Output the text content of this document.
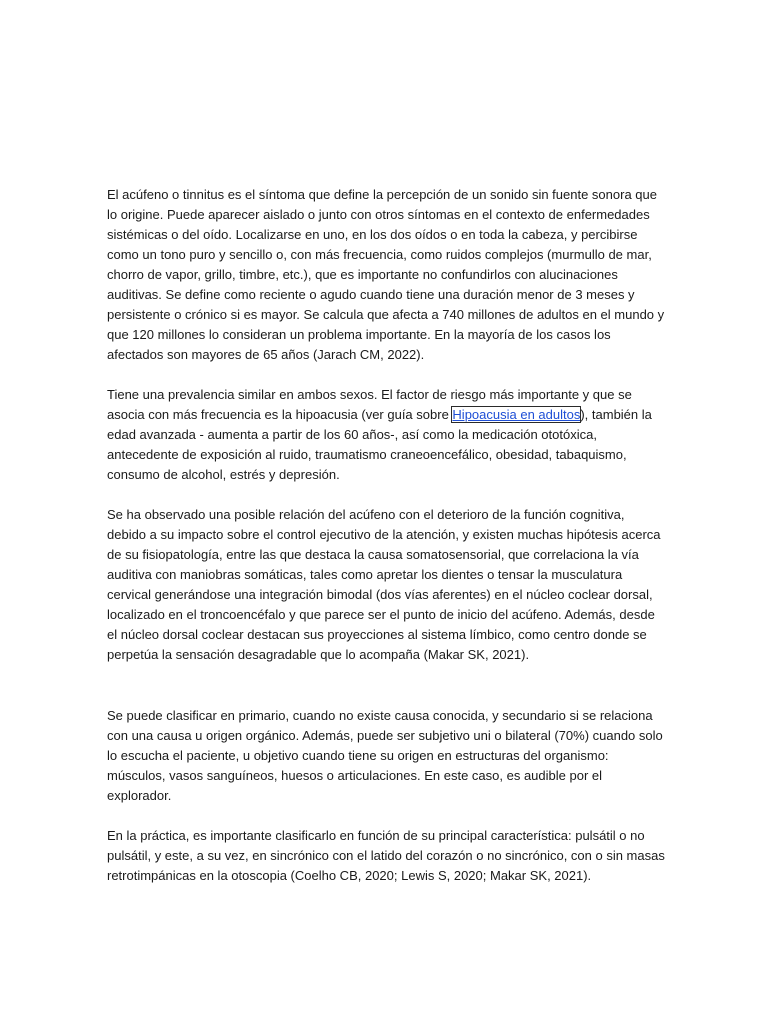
El acúfeno o tinnitus es el síntoma que define la percepción de un sonido sin fuente sonora que lo origine. Puede aparecer aislado o junto con otros síntomas en el contexto de enfermedades sistémicas o del oído. Localizarse en uno, en los dos oídos o en toda la cabeza, y percibirse como un tono puro y sencillo o, con más frecuencia, como ruidos complejos (murmullo de mar, chorro de vapor, grillo, timbre, etc.), que es importante no confundirlos con alucinaciones auditivas. Se define como reciente o agudo cuando tiene una duración menor de 3 meses y persistente o crónico si es mayor. Se calcula que afecta a 740 millones de adultos en el mundo y que 120 millones lo consideran un problema importante. En la mayoría de los casos los afectados son mayores de 65 años (Jarach CM, 2022).

Tiene una prevalencia similar en ambos sexos. El factor de riesgo más importante y que se asocia con más frecuencia es la hipoacusia (ver guía sobre Hipoacusia en adultos), también la edad avanzada - aumenta a partir de los 60 años-, así como la medicación ototóxica, antecedente de exposición al ruido, traumatismo craneoencefálico, obesidad, tabaquismo, consumo de alcohol, estrés y depresión.

Se ha observado una posible relación del acúfeno con el deterioro de la función cognitiva, debido a su impacto sobre el control ejecutivo de la atención, y existen muchas hipótesis acerca de su fisiopatología, entre las que destaca la causa somatosensorial, que correlaciona la vía auditiva con maniobras somáticas, tales como apretar los dientes o tensar la musculatura cervical generándose una integración bimodal (dos vías aferentes) en el núcleo coclear dorsal, localizado en el troncoencéfalo y que parece ser el punto de inicio del acúfeno. Además, desde el núcleo dorsal coclear destacan sus proyecciones al sistema límbico, como centro donde se perpetúa la sensación desagradable que lo acompaña (Makar SK, 2021).

Se puede clasificar en primario, cuando no existe causa conocida, y secundario si se relaciona con una causa u origen orgánico. Además, puede ser subjetivo uni o bilateral (70%) cuando solo lo escucha el paciente, u objetivo cuando tiene su origen en estructuras del organismo: músculos, vasos sanguíneos, huesos o articulaciones. En este caso, es audible por el explorador.

En la práctica, es importante clasificarlo en función de su principal característica: pulsátil o no pulsátil, y este, a su vez, en sincrónico con el latido del corazón o no sincrónico, con o sin masas retrotimpánicas en la otoscopia (Coelho CB, 2020; Lewis S, 2020; Makar SK, 2021).
